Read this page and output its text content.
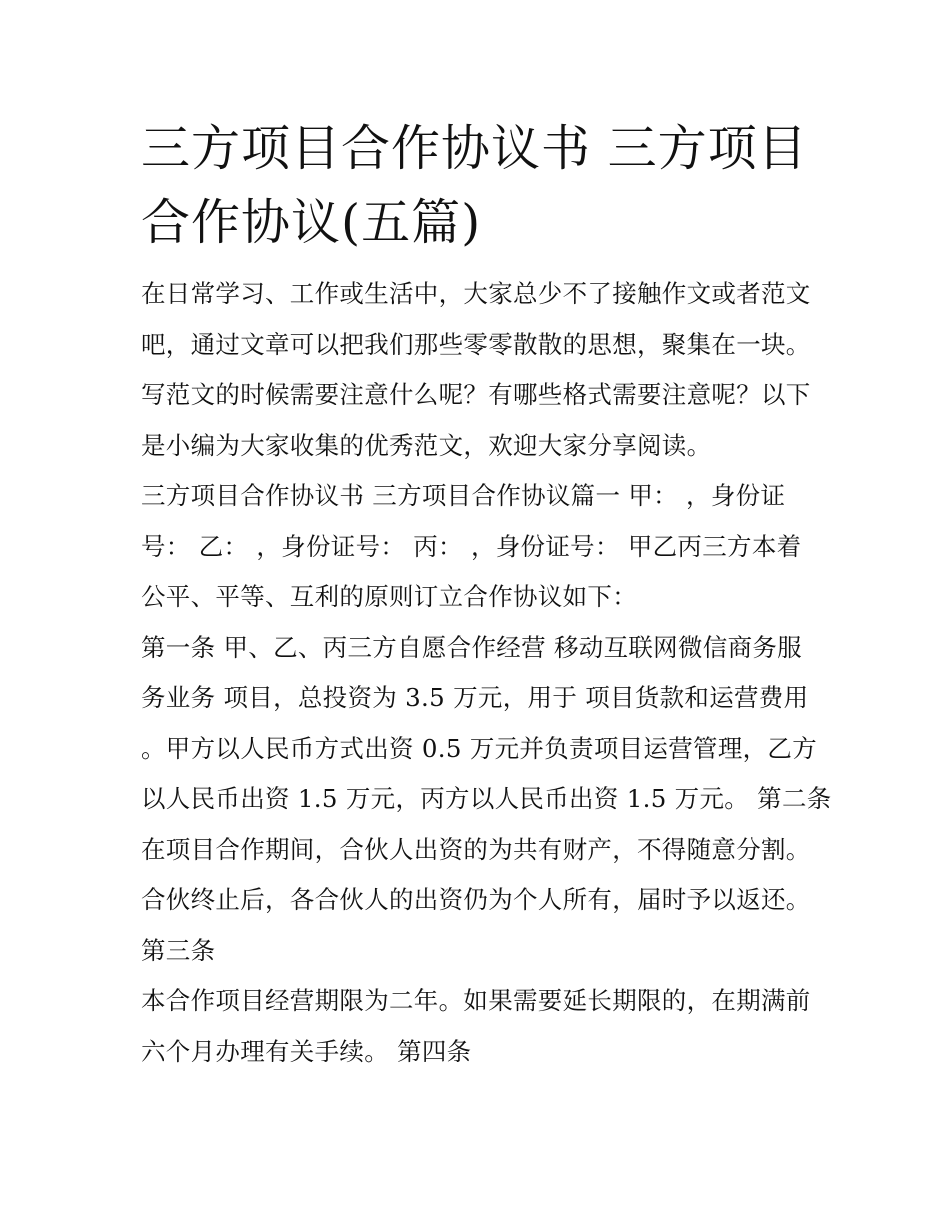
三方项目合作协议书 三方项目
合作协议(五篇)

在日常学习、工作或生活中，大家总少不了接触作文或者范文
吧，通过文章可以把我们那些零零散散的思想，聚集在一块。
写范文的时候需要注意什么呢？有哪些格式需要注意呢？以下
是小编为大家收集的优秀范文，欢迎大家分享阅读。

三方项目合作协议书 三方项目合作协议篇一 甲： ，身份证
号： 乙： ，身份证号： 丙： ，身份证号： 甲乙丙三方本着
公平、平等、互利的原则订立合作协议如下：

第一条 甲、乙、丙三方自愿合作经营 移动互联网微信商务服
务业务 项目，总投资为 3.5 万元，用于 项目货款和运营费用
。甲方以人民币方式出资 0.5 万元并负责项目运营管理，乙方
以人民币出资 1.5 万元，丙方以人民币出资 1.5 万元。 第二条
在项目合作期间，合伙人出资的为共有财产，不得随意分割。
合伙终止后，各合伙人的出资仍为个人所有，届时予以返还。
第三条

本合作项目经营期限为二年。如果需要延长期限的，在期满前
六个月办理有关手续。 第四条
